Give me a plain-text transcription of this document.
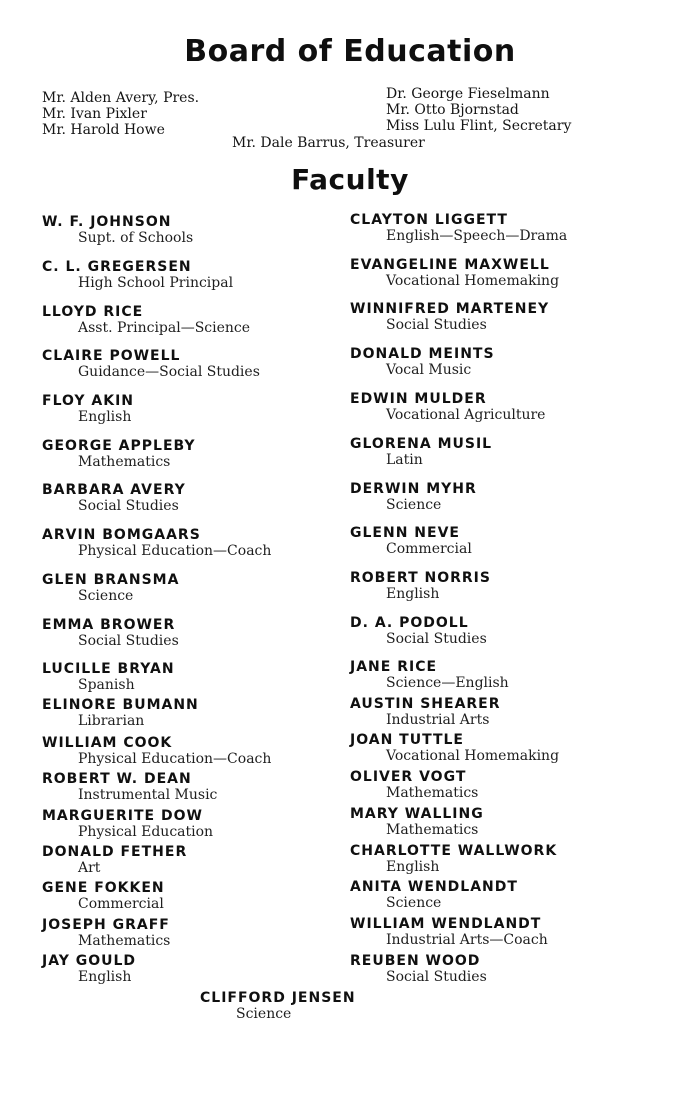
Board of Education
Mr. Alden Avery, Pres.
Mr. Ivan Pixler
Mr. Harold Howe
Dr. George Fieselmann
Mr. Otto Bjornstad
Miss Lulu Flint, Secretary
Mr. Dale Barrus, Treasurer
Faculty
W. F. JOHNSON
Supt. of Schools
C. L. GREGERSEN
High School Principal
LLOYD RICE
Asst. Principal—Science
CLAIRE POWELL
Guidance—Social Studies
FLOY AKIN
English
GEORGE APPLEBY
Mathematics
BARBARA AVERY
Social Studies
ARVIN BOMGAARS
Physical Education—Coach
GLEN BRANSMA
Science
EMMA BROWER
Social Studies
LUCILLE BRYAN
Spanish
ELINORE BUMANN
Librarian
WILLIAM COOK
Physical Education—Coach
ROBERT W. DEAN
Instrumental Music
MARGUERITE DOW
Physical Education
DONALD FETHER
Art
GENE FOKKEN
Commercial
JOSEPH GRAFF
Mathematics
JAY GOULD
English
CLAYTON LIGGETT
English—Speech—Drama
EVANGELINE MAXWELL
Vocational Homemaking
WINNIFRED MARTENEY
Social Studies
DONALD MEINTS
Vocal Music
EDWIN MULDER
Vocational Agriculture
GLORENA MUSIL
Latin
DERWIN MYHR
Science
GLENN NEVE
Commercial
ROBERT NORRIS
English
D. A. PODOLL
Social Studies
JANE RICE
Science—English
AUSTIN SHEARER
Industrial Arts
JOAN TUTTLE
Vocational Homemaking
OLIVER VOGT
Mathematics
MARY WALLING
Mathematics
CHARLOTTE WALLWORK
English
ANITA WENDLANDT
Science
WILLIAM WENDLANDT
Industrial Arts—Coach
REUBEN WOOD
Social Studies
CLIFFORD JENSEN
Science
